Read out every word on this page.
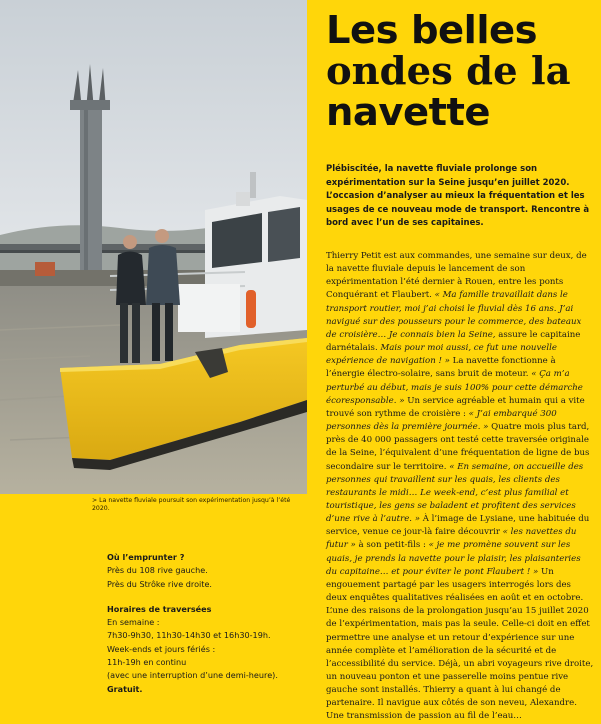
> La navette fluviale poursuit son expérimentation jusqu’à l’été 2020.
Les belles
ondes de la
navette

Plébiscitée, la navette fluviale prolonge son expérimentation sur la Seine jusqu’en juillet 2020. L’occasion d’analyser au mieux la fréquentation et les usages de ce nouveau mode de transport. Rencontre à bord avec l’un de ses capitaines.

Thierry Petit est aux commandes, une semaine sur deux, de la navette fluviale depuis le lancement de son expérimentation l’été dernier à Rouen, entre les ponts Conquérant et Flaubert. « Ma famille travaillait dans le transport routier, moi j’ai choisi le fluvial dès 16 ans. J’ai navigué sur des pousseurs pour le commerce, des bateaux de croisière… Je connais bien la Seine, assure le capitaine darnétalais. Mais pour moi aussi, ce fut une nouvelle expérience de navigation ! » La navette fonctionne à l’énergie électro-solaire, sans bruit de moteur. « Ça m’a perturbé au début, mais je suis 100% pour cette démarche écoresponsable. » Un service agréable et humain qui a vite trouvé son rythme de croisière : « J’ai embarqué 300 personnes dès la première journée. » Quatre mois plus tard, près de 40 000 passagers ont testé cette traversée originale de la Seine, l’équivalent d’une fréquentation de ligne de bus secondaire sur le territoire. « En semaine, on accueille des personnes qui travaillent sur les quais, les clients des restaurants le midi… Le week-end, c’est plus familial et touristique, les gens se baladent et profitent des services d’une rive à l’autre. » À l’image de Lysiane, une habituée du service, venue ce jour-là faire découvrir « les navettes du futur » à son petit-fils : « je me promène souvent sur les quais, je prends la navette pour le plaisir, les plaisanteries du capitaine… et pour éviter le pont Flaubert ! » Un engouement partagé par les usagers interrogés lors des deux enquêtes qualitatives réalisées en août et en octobre. L’une des raisons de la prolongation jusqu’au 15 juillet 2020 de l’expérimentation, mais pas la seule. Celle-ci doit en effet permettre une analyse et un retour d’expérience sur une année complète et l’amélioration de la sécurité et de l’accessibilité du service. Déjà, un abri voyageurs rive droite, un nouveau ponton et une passerelle moins pentue rive gauche sont installés. Thierry a quant à lui changé de partenaire. Il navigue aux côtés de son neveu, Alexandre. Une transmission de passion au fil de l’eau…

Où l’emprunter ?
Près du 108 rive gauche.
Près du Strôke rive droite.
Horaires de traversées
En semaine :
7h30-9h30, 11h30-14h30 et 16h30-19h.
Week-ends et jours fériés :
11h-19h en continu
(avec une interruption d’une demi-heure).
Gratuit.
